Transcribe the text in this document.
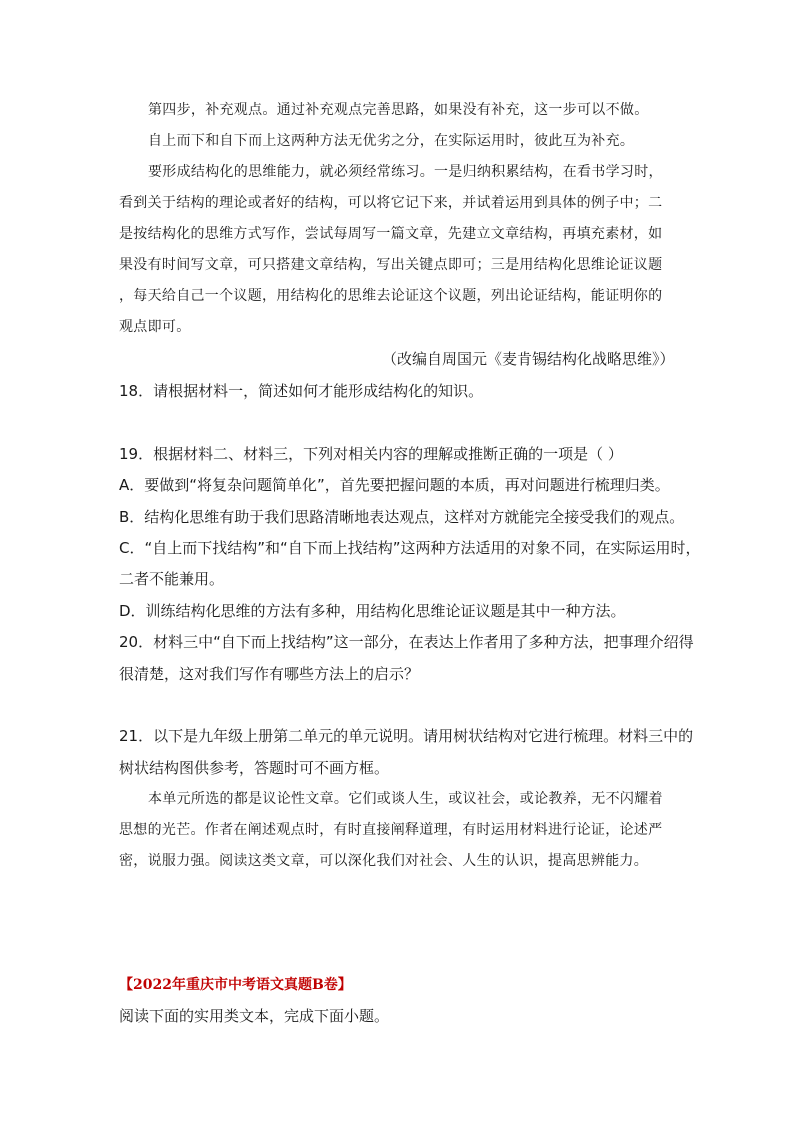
第四步，补充观点。通过补充观点完善思路，如果没有补充，这一步可以不做。
自上而下和自下而上这两种方法无优劣之分，在实际运用时，彼此互为补充。
要形成结构化的思维能力，就必须经常练习。一是归纳积累结构，在看书学习时，
看到关于结构的理论或者好的结构，可以将它记下来，并试着运用到具体的例子中；二
是按结构化的思维方式写作，尝试每周写一篇文章，先建立文章结构，再填充素材，如
果没有时间写文章，可只搭建文章结构，写出关键点即可；三是用结构化思维论证议题
，每天给自己一个议题，用结构化的思维去论证这个议题，列出论证结构，能证明你的
观点即可。
（改编自周国元《麦肯锡结构化战略思维》）
18．请根据材料一，简述如何才能形成结构化的知识。
19．根据材料二、材料三，下列对相关内容的理解或推断正确的一项是（ ）
A．要做到“将复杂问题简单化”，首先要把握问题的本质，再对问题进行梳理归类。
B．结构化思维有助于我们思路清晰地表达观点，这样对方就能完全接受我们的观点。
C．“自上而下找结构”和“自下而上找结构”这两种方法适用的对象不同，在实际运用时，
二者不能兼用。
D．训练结构化思维的方法有多种，用结构化思维论证议题是其中一种方法。
20．材料三中“自下而上找结构”这一部分，在表达上作者用了多种方法，把事理介绍得
很清楚，这对我们写作有哪些方法上的启示？
21．以下是九年级上册第二单元的单元说明。请用树状结构对它进行梳理。材料三中的
树状结构图供参考，答题时可不画方框。
本单元所选的都是议论性文章。它们或谈人生，或议社会，或论教养，无不闪耀着
思想的光芒。作者在阐述观点时，有时直接阐释道理，有时运用材料进行论证，论述严
密，说服力强。阅读这类文章，可以深化我们对社会、人生的认识，提高思辨能力。
【2022年重庆市中考语文真题B卷】
阅读下面的实用类文本，完成下面小题。
